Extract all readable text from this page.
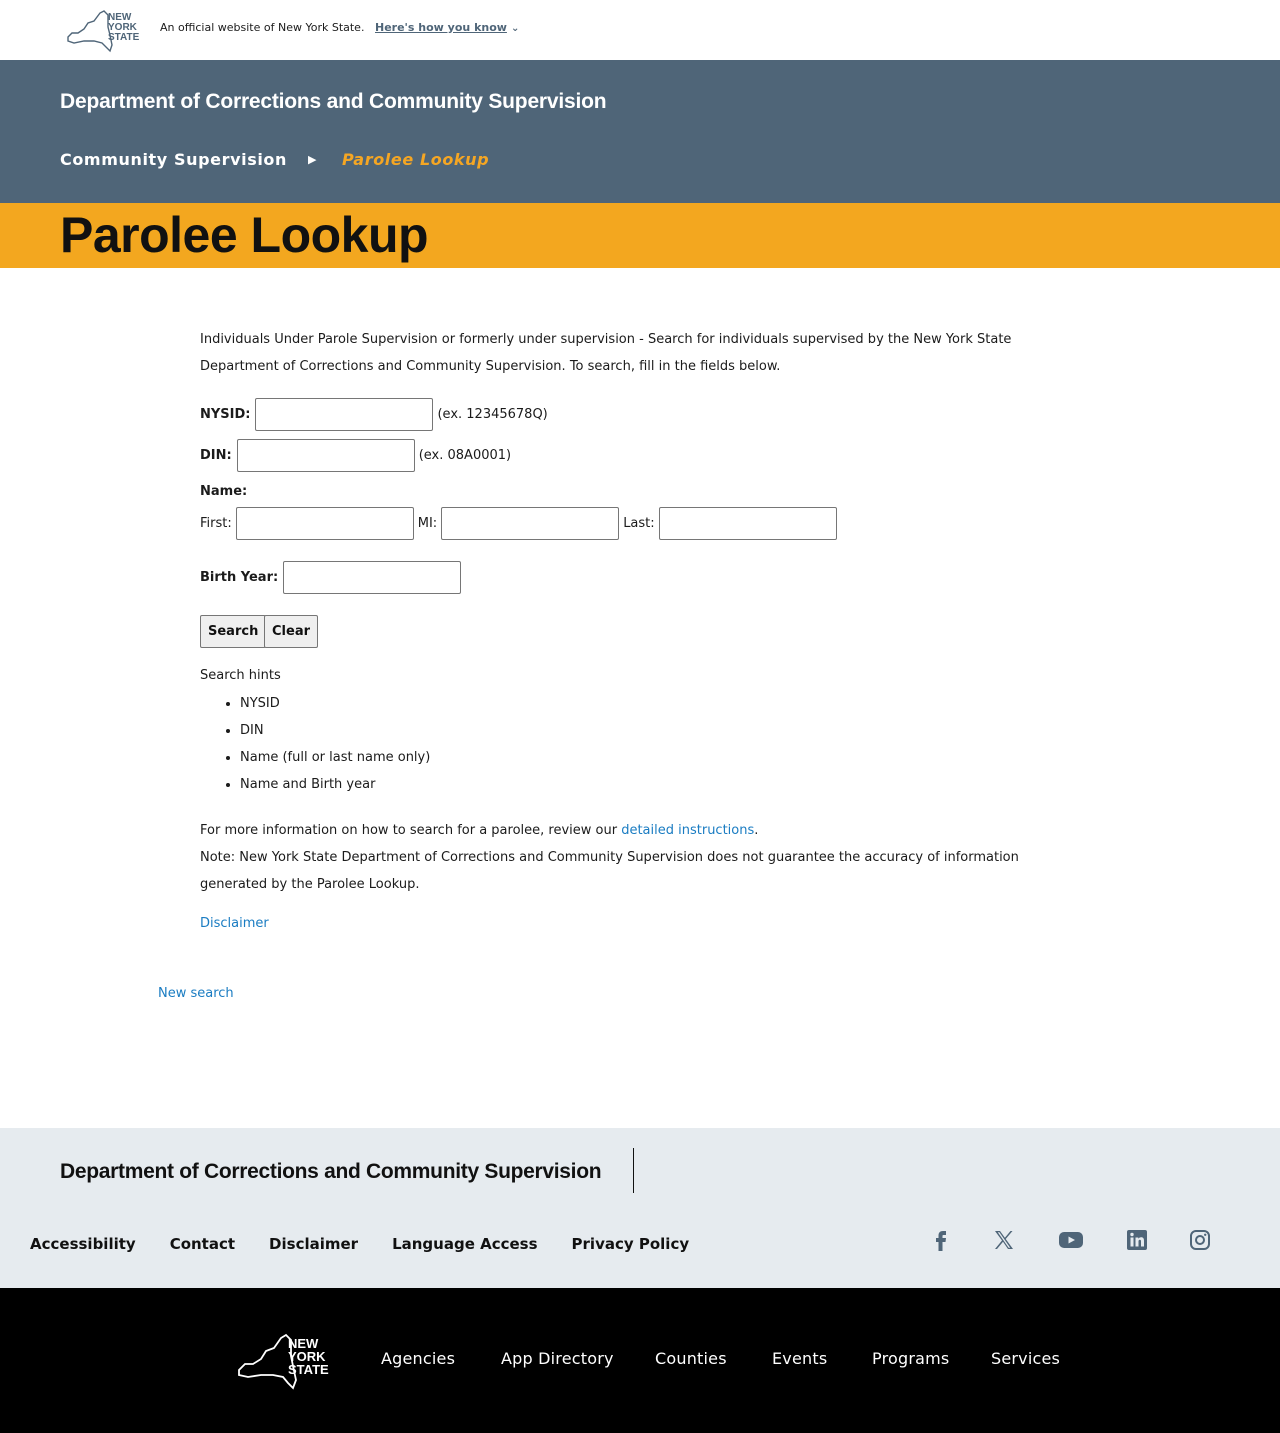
NEW
YORK
STATE
An official website of New York State. Here's how you know ⌄
Department of Corrections and Community Supervision
Community Supervision ▶ Parolee Lookup
Parolee Lookup

Individuals Under Parole Supervision or formerly under supervision - Search for individuals supervised by the New York State Department of Corrections and Community Supervision. To search, fill in the fields below.

NYSID:	(ex. 12345678Q)
DIN:	(ex. 08A0001)
Name:
First:	MI:	Last:
Birth Year:
Search	Clear
Search hints
• NYSID
• DIN
• Name (full or last name only)
• Name and Birth year

For more information on how to search for a parolee, review our detailed instructions.

Note: New York State Department of Corrections and Community Supervision does not guarantee the accuracy of information generated by the Parolee Lookup.

Disclaimer
New search
Department of Corrections and Community Supervision
Accessibility Contact Disclaimer Language Access Privacy Policy
NEW
YORK
STATE
Agencies	App Directory	Counties	Events	Programs	Services
